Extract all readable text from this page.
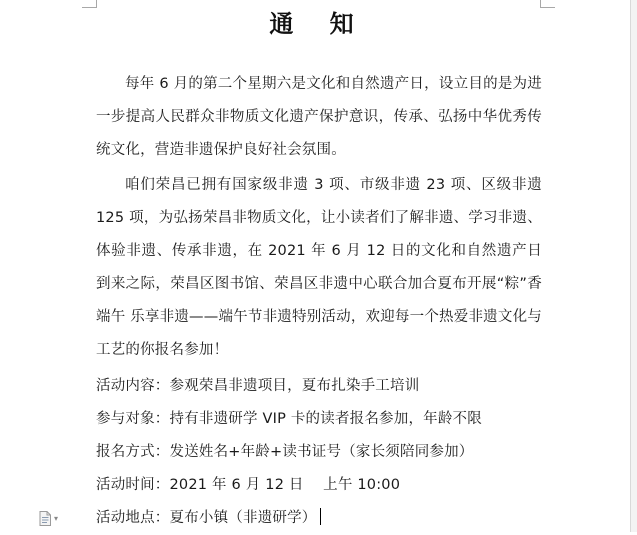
通 知
每年 6 月的第二个星期六是文化和自然遗产日，设立目的是为进一步提高人民群众非物质文化遗产保护意识，传承、弘扬中华优秀传统文化，营造非遗保护良好社会氛围。
咱们荣昌已拥有国家级非遗 3 项、市级非遗 23 项、区级非遗 125 项，为弘扬荣昌非物质文化，让小读者们了解非遗、学习非遗、体验非遗、传承非遗，在 2021 年 6 月 12 日的文化和自然遗产日到来之际，荣昌区图书馆、荣昌区非遗中心联合加合夏布开展“粽”香端午 乐享非遗——端午节非遗特别活动，欢迎每一个热爱非遗文化与工艺的你报名参加！
活动内容：参观荣昌非遗项目，夏布扎染手工培训
参与对象：持有非遗研学 VIP 卡的读者报名参加，年龄不限
报名方式：发送姓名+年龄+读书证号（家长须陪同参加）
活动时间：2021 年 6 月 12 日　 上午 10:00
活动地点：夏布小镇（非遗研学）
▾
